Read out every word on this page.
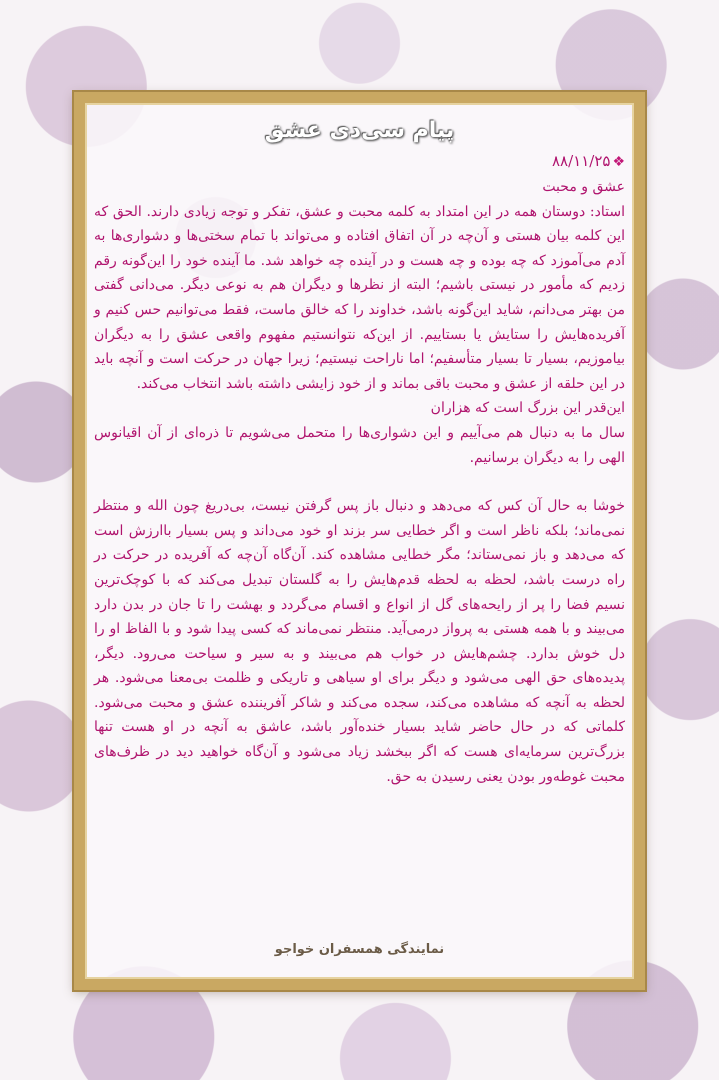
پیام سی‌دی عشق
❖۸۸/۱۱/۲۵

عشق و محبت

استاد: دوستان همه در این امتداد به کلمه محبت و عشق، تفکر و توجه زیادی دارند. الحق که این کلمه بیان هستی و آن‌چه در آن اتفاق افتاده و می‌تواند با تمام سختی‌ها و دشواری‌ها به آدم می‌آموزد که چه بوده و چه هست و در آینده چه خواهد شد. ما آینده خود را این‌گونه رقم زدیم که مأمور در نیستی باشیم؛ البته از نظرها و دیگران هم به نوعی دیگر. می‌دانی گفتی من بهتر می‌دانم، شاید این‌گونه باشد، خداوند را که خالق ماست، فقط می‌توانیم حس کنیم و آفریده‌هایش را ستایش یا بستاییم. از این‌که نتوانستیم مفهوم واقعی عشق را به دیگران بیاموزیم، بسیار تا بسیار متأسفیم؛ اما ناراحت نیستیم؛ زیرا جهان در حرکت است و آنچه باید در این حلقه از عشق و محبت باقی بماند و از خود زایشی داشته باشد انتخاب می‌کند.

این‌قدر این بزرگ است که هزاران

سال ما به دنبال هم می‌آییم و این دشواری‌ها را متحمل می‌شویم تا ذره‌ای از آن اقیانوس الهی را به دیگران برسانیم.

خوشا به حال آن کس که می‌دهد و دنبال باز پس گرفتن نیست، بی‌دریغ چون الله و منتظر نمی‌ماند؛ بلکه ناظر است و اگر خطایی سر بزند او خود می‌داند و پس بسیار باارزش است که می‌دهد و باز نمی‌ستاند؛ مگر خطایی مشاهده کند. آن‌گاه آن‌چه که آفریده در حرکت در راه درست باشد، لحظه به لحظه قدم‌هایش را به گلستان تبدیل می‌کند که با کوچک‌ترین نسیم فضا را پر از رایحه‌های گل از انواع و اقسام می‌گردد و بهشت را تا جان در بدن دارد می‌بیند و با همه هستی به پرواز درمی‌آید. منتظر نمی‌ماند که کسی پیدا شود و با الفاظ او را دل خوش بدارد. چشم‌هایش در خواب هم می‌بیند و به سیر و سیاحت می‌رود. دیگر، پدیده‌های حق الهی می‌شود و دیگر برای او سیاهی و تاریکی و ظلمت بی‌معنا می‌شود. هر لحظه به آنچه که مشاهده می‌کند، سجده می‌کند و شاکر آفریننده عشق و محبت می‌شود. کلماتی که در حال حاضر شاید بسیار خنده‌آور باشد، عاشق به آنچه در او هست تنها بزرگ‌ترین سرمایه‌ای هست که اگر ببخشد زیاد می‌شود و آن‌گاه خواهید دید در ظرف‌های محبت غوطه‌ور بودن یعنی رسیدن به حق.

نمایندگی همسفران خواجو
